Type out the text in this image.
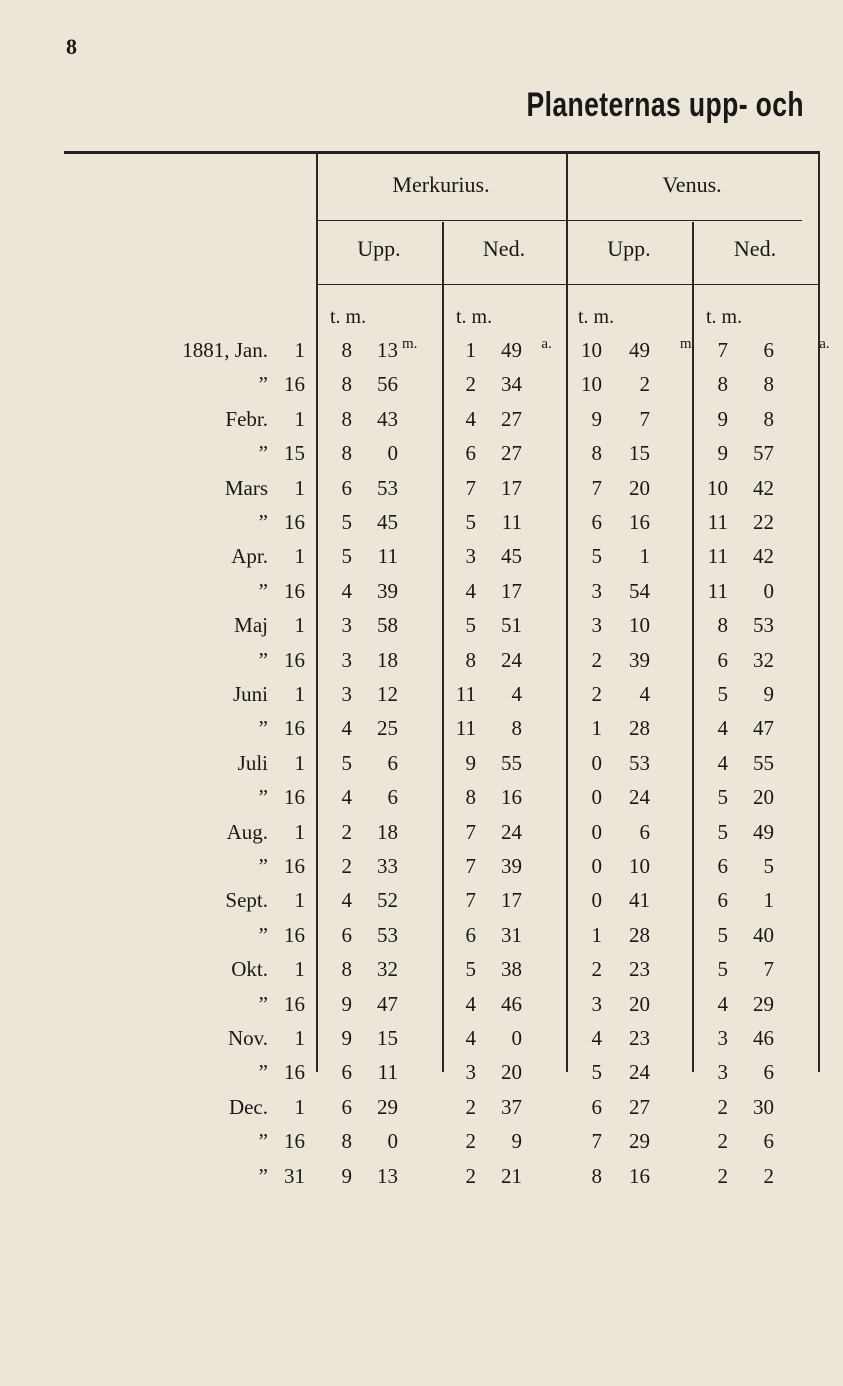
8
Planeternas upp- och
Merkurius.	Venus.
Upp.	Ned.	Upp.	Ned.
t. m.	t. m.	t. m.	t. m.
1881, Jan. 1	8	13 $^{m.}$	1	49 $^{a.}$	10	49 $^{m.}$	7	6	$^{a.}$
” 16	8	56	2	34	10	2	8	8
Febr. 1	8	43	4	27	9	7	9	8
” 15	8	0	6	27	8	15	9	57
Mars 1	6	53	7	17	7	20	10	42
” 16	5	45	5	11	6	16	11	22
Apr. 1	5	11	3	45	5	1	11	42
” 16	4	39	4	17	3	54	11	0
Maj 1	3	58	5	51	3	10	8	53
” 16	3	18	8	24	2	39	6	32
Juni 1	3	12	11	4	2	4	5	9
” 16	4	25	11	8	1	28	4	47
Juli 1	5	6	9	55	0	53	4	55
” 16	4	6	8	16	0	24	5	20
Aug. 1	2	18	7	24	0	6	5	49
” 16	2	33	7	39	0	10	6	5
Sept. 1	4	52	7	17	0	41	6	1
” 16	6	53	6	31	1	28	5	40
Okt. 1	8	32	5	38	2	23	5	7
” 16	9	47	4	46	3	20	4	29
Nov. 1	9	15	4	0	4	23	3	46
” 16	6	11	3	20	5	24	3	6
Dec. 1	6	29	2	37	6	27	2	30
” 16	8	0	2	9	7	29	2	6
” 31	9	13	2	21	8	16	2	2
